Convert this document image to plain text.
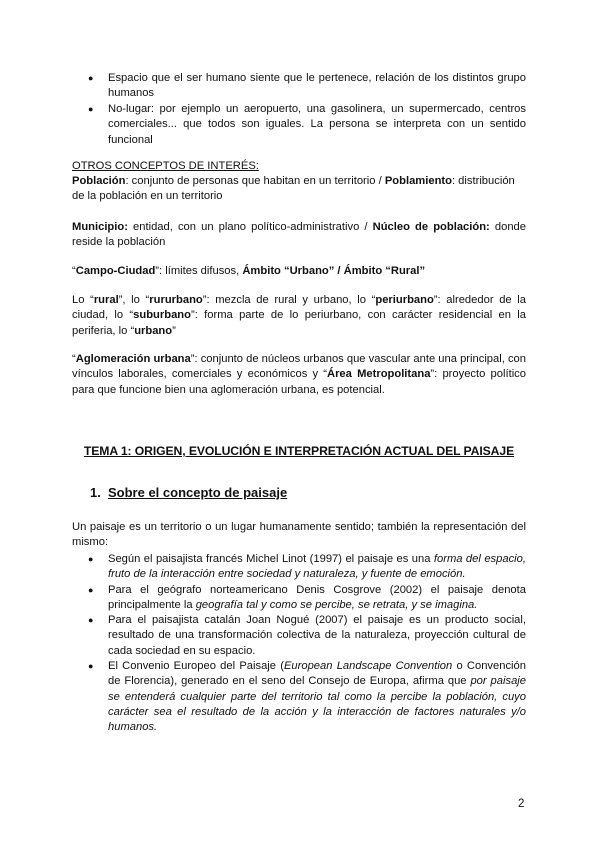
● Espacio que el ser humano siente que le pertenece, relación de los distintos grupo humanos
● No-lugar: por ejemplo un aeropuerto, una gasolinera, un supermercado, centros comerciales... que todos son iguales. La persona se interpreta con un sentido funcional
OTROS CONCEPTOS DE INTERÉS:
Población: conjunto de personas que habitan en un territorio / Poblamiento: distribución de la población en un territorio
Municipio: entidad, con un plano político-administrativo / Núcleo de población: donde reside la población
“Campo-Ciudad”: límites difusos, Ámbito “Urbano” / Ámbito “Rural”
Lo “rural”, lo “rururbano”: mezcla de rural y urbano, lo “periurbano”: alrededor de la ciudad, lo “suburbano”: forma parte de lo periurbano, con carácter residencial en la periferia, lo “urbano”
“Aglomeración urbana”: conjunto de núcleos urbanos que vascular ante una principal, con vínculos laborales, comerciales y económicos y “Área Metropolitana”: proyecto político para que funcione bien una aglomeración urbana, es potencial.
TEMA 1: ORIGEN, EVOLUCIÓN E INTERPRETACIÓN ACTUAL DEL PAISAJE
1. Sobre el concepto de paisaje
Un paisaje es un territorio o un lugar humanamente sentido; también la representación del mismo:
● Según el paisajista francés Michel Linot (1997) el paisaje es una forma del espacio, fruto de la interacción entre sociedad y naturaleza, y fuente de emoción.
● Para el geógrafo norteamericano Denis Cosgrove (2002) el paisaje denota principalmente la geografía tal y como se percibe, se retrata, y se imagina.
● Para el paisajista catalán Joan Nogué (2007) el paisaje es un producto social, resultado de una transformación colectiva de la naturaleza, proyección cultural de cada sociedad en su espacio.
● El Convenio Europeo del Paisaje (European Landscape Convention o Convención de Florencia), generado en el seno del Consejo de Europa, afirma que por paisaje se entenderá cualquier parte del territorio tal como la percibe la población, cuyo carácter sea el resultado de la acción y la interacción de factores naturales y/o humanos.
2
